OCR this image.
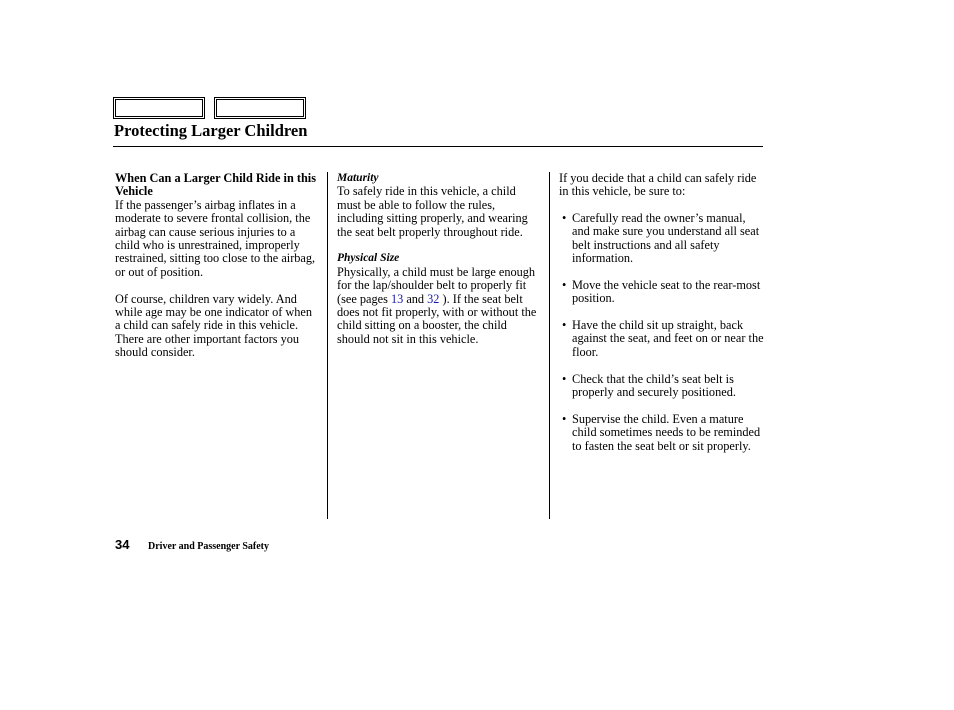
Protecting Larger Children

When Can a Larger Child Ride in this Vehicle

If the passenger’s airbag inflates in a moderate to severe frontal collision, the airbag can cause serious injuries to a child who is unrestrained, improperly restrained, sitting too close to the airbag, or out of position.

Of course, children vary widely. And while age may be one indicator of when a child can safely ride in this vehicle. There are other important factors you should consider.

Maturity

To safely ride in this vehicle, a child must be able to follow the rules, including sitting properly, and wearing the seat belt properly throughout ride.

Physical Size

Physically, a child must be large enough for the lap/shoulder belt to properly fit (see pages 13 and 32 ). If the seat belt does not fit properly, with or without the child sitting on a booster, the child should not sit in this vehicle.

If you decide that a child can safely ride in this vehicle, be sure to:

• Carefully read the owner’s manual, and make sure you understand all seat belt instructions and all safety information.
• Move the vehicle seat to the rear-most position.
• Have the child sit up straight, back against the seat, and feet on or near the floor.
• Check that the child’s seat belt is properly and securely positioned.
• Supervise the child. Even a mature child sometimes needs to be reminded to fasten the seat belt or sit properly.
34 Driver and Passenger Safety
